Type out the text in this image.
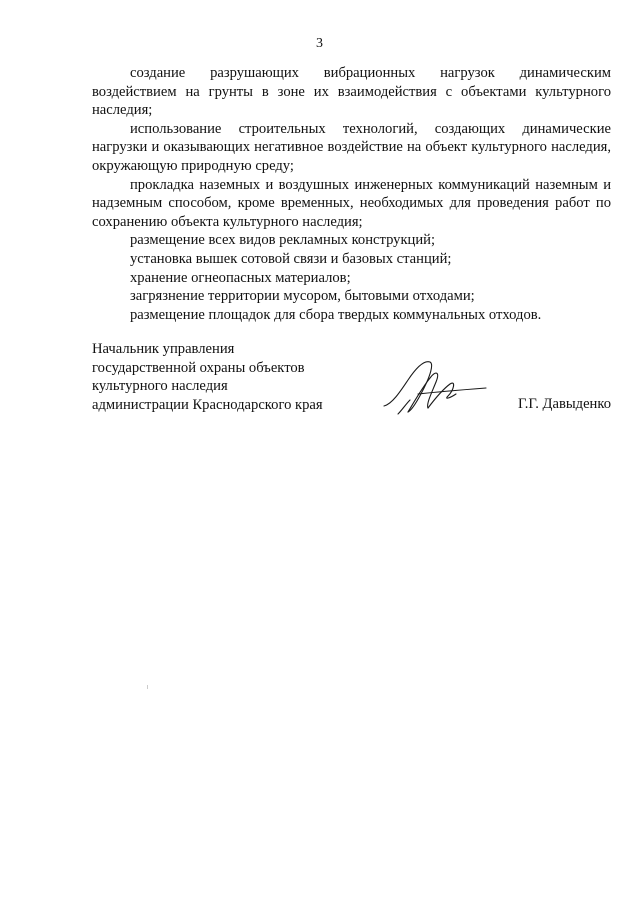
3

создание разрушающих вибрационных нагрузок динамическим воздействием на грунты в зоне их взаимодействия с объектами культурного наследия;

использование строительных технологий, создающих динамические нагрузки и оказывающих негативное воздействие на объект культурного наследия, окружающую природную среду;

прокладка наземных и воздушных инженерных коммуникаций наземным и надземным способом, кроме временных, необходимых для проведения работ по сохранению объекта культурного наследия;

размещение всех видов рекламных конструкций;

установка вышек сотовой связи и базовых станций;

хранение огнеопасных материалов;

загрязнение территории мусором, бытовыми отходами;

размещение площадок для сбора твердых коммунальных отходов.

Начальник управления
государственной охраны объектов
культурного наследия
администрации Краснодарского края	Г.Г. Давыденко
